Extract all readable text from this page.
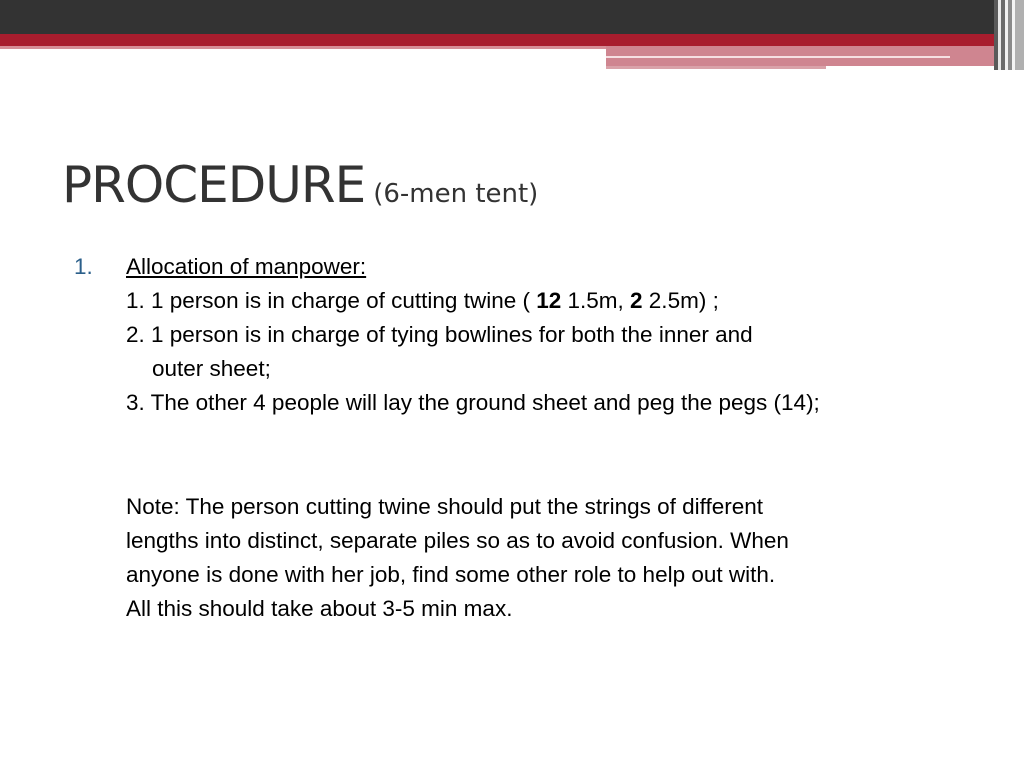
PROCEDURE (6-men tent)
1. Allocation of manpower:
1. 1 person is in charge of cutting twine ( 12 1.5m, 2 2.5m) ;
2. 1 person is in charge of tying bowlines for both the inner and
outer sheet;
3. The other 4 people will lay the ground sheet and peg the pegs (14);
Note: The person cutting twine should put the strings of different
lengths into distinct, separate piles so as to avoid confusion. When
anyone is done with her job, find some other role to help out with.
All this should take about 3-5 min max.
